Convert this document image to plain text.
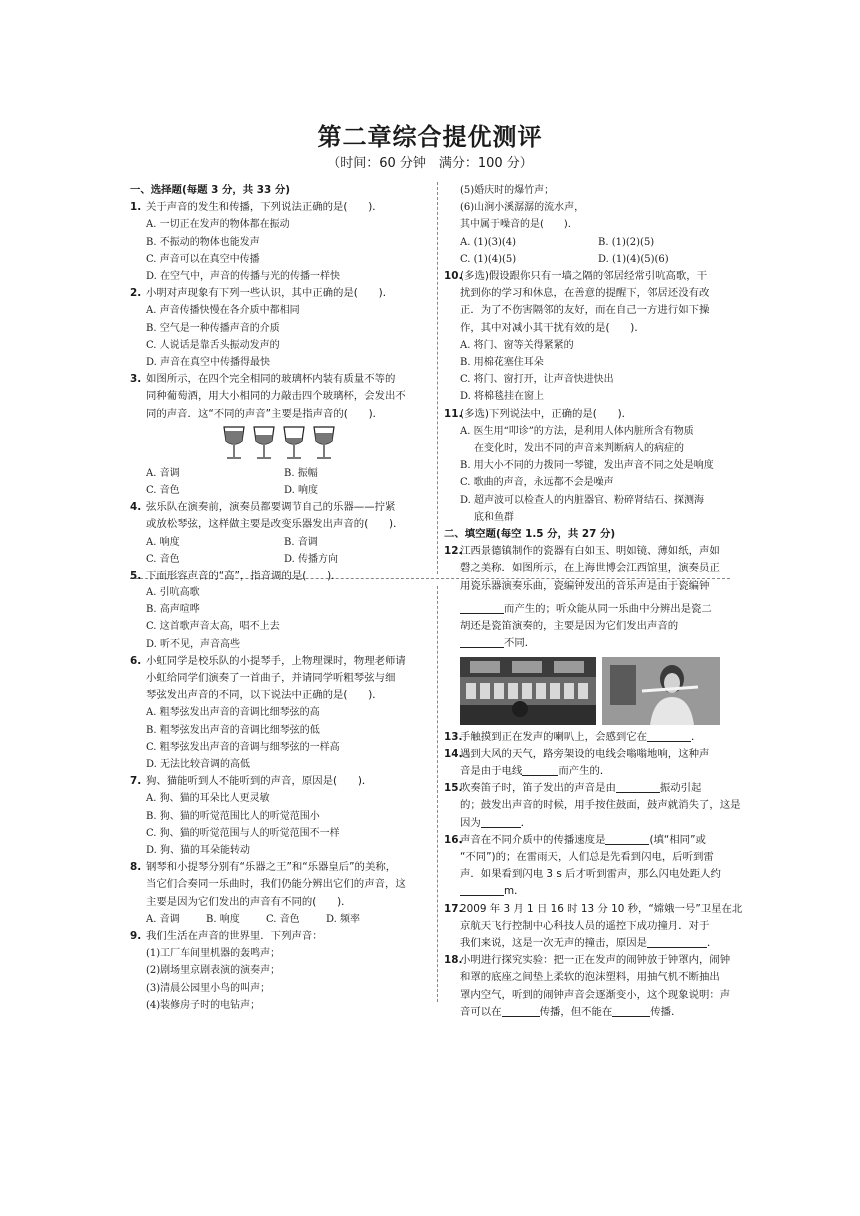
第二章综合提优测评
（时间：60 分钟　满分：100 分）

一、选择题(每题 3 分，共 33 分)

1. 关于声音的发生和传播，下列说法正确的是(　　)．

A. 一切正在发声的物体都在振动

B. 不振动的物体也能发声

C. 声音可以在真空中传播

D. 在空气中，声音的传播与光的传播一样快

2. 小明对声现象有下列一些认识，其中正确的是(　　)．

A. 声音传播快慢在各介质中都相同

B. 空气是一种传播声音的介质

C. 人说话是靠舌头振动发声的

D. 声音在真空中传播得最快

3. 如图所示，在四个完全相同的玻璃杯内装有质量不等的

同种葡萄酒，用大小相同的力敲击四个玻璃杯，会发出不

同的声音．这“不同的声音”主要是指声音的(　　)．

A. 音调	B. 振幅
C. 音色	D. 响度
4. 弦乐队在演奏前，演奏员都要调节自己的乐器——拧紧

或放松琴弦，这样做主要是改变乐器发出声音的(　　)．

A. 响度	B. 音调
C. 音色	D. 传播方向
5. 下面形容声音的“高”，指音调的是(　　)．

(5)婚庆时的爆竹声；

(6)山涧小溪潺潺的流水声，

其中属于噪音的是(　　)．

A. (1)(3)(4)	B. (1)(2)(5)
C. (1)(4)(5)	D. (1)(4)(5)(6)
10.

(多选)假设跟你只有一墙之隔的邻居经常引吭高歌，干

扰到你的学习和休息，在善意的提醒下，邻居还没有改

正．为了不伤害隔邻的友好，而在自己一方进行如下操

作，其中对减小其干扰有效的是(　　)．

A. 将门、窗等关得紧紧的

B. 用棉花塞住耳朵

C. 将门、窗打开，让声音快进快出

D. 将棉毯挂在窗上

11.

(多选)下列说法中，正确的是(　　)．

A. 医生用“叩诊”的方法，是利用人体内脏所含有物质

在变化时，发出不同的声音来判断病人的病症的

B. 用大小不同的力拨同一琴键，发出声音不同之处是响度

C. 歌曲的声音，永远都不会是噪声

D. 超声波可以检查人的内脏器官、粉碎肾结石、探测海

底和鱼群

二、填空题(每空 1.5 分，共 27 分)

12.

江西景德镇制作的瓷器有白如玉、明如镜、薄如纸，声如

磬之美称．如图所示，在上海世博会江西馆里，演奏员正

用瓷乐器演奏乐曲，瓷编钟发出的音乐声是由于瓷编钟

A. 引吭高歌

B. 高声喧哗

C. 这首歌声音太高，唱不上去

D. 听不见，声音高些

6. 小虹同学是校乐队的小提琴手，上物理课时，物理老师请

小虹给同学们演奏了一首曲子，并请同学听粗琴弦与细

琴弦发出声音的不同，以下说法中正确的是(　　)．

A. 粗琴弦发出声音的音调比细琴弦的高

B. 粗琴弦发出声音的音调比细琴弦的低

C. 粗琴弦发出声音的音调与细琴弦的一样高

D. 无法比较音调的高低

7. 狗、猫能听到人不能听到的声音，原因是(　　)．

A. 狗、猫的耳朵比人更灵敏

B. 狗、猫的听觉范围比人的听觉范围小

C. 狗、猫的听觉范围与人的听觉范围不一样

D. 狗、猫的耳朵能转动

8. 钢琴和小提琴分别有“乐器之王”和“乐器皇后”的美称，

当它们合奏同一乐曲时，我们仍能分辨出它们的声音，这

主要是因为它们发出的声音有不同的(　　)．

A. 音调	B. 响度	C. 音色	D. 频率
9. 我们生活在声音的世界里．下列声音：

(1)工厂车间里机器的轰鸣声；

(2)剧场里京剧表演的演奏声；

(3)清晨公园里小鸟的叫声；

(4)装修房子时的电钻声；

而产生的；听众能从同一乐曲中分辨出是瓷二

胡还是瓷笛演奏的，主要是因为它们发出声音的

不同．

13.

手触摸到正在发声的喇叭上，会感到它在	．

14.

遇到大风的天气，路旁架设的电线会嗡嗡地响，这种声

音是由于电线	而产生的．

15.

吹奏笛子时，笛子发出的声音是由	振动引起

的；鼓发出声音的时候，用手按住鼓面，鼓声就消失了，这是

因为	．

16.

声音在不同介质中的传播速度是	(填“相同”或

“不同”)的；在雷雨天，人们总是先看到闪电，后听到雷

声．如果看到闪电 3 s 后才听到雷声，那么闪电处距人约

m．

17.

2009 年 3 月 1 日 16 时 13 分 10 秒，“嫦娥一号”卫星在北

京航天飞行控制中心科技人员的遥控下成功撞月．对于

我们来说，这是一次无声的撞击，原因是	．

18.

小明进行探究实验：把一正在发声的闹钟放于钟罩内，闹钟

和罩的底座之间垫上柔软的泡沫塑料，用抽气机不断抽出

罩内空气，听到的闹钟声音会逐渐变小，这个现象说明：声

音可以在	传播，但不能在	传播．
